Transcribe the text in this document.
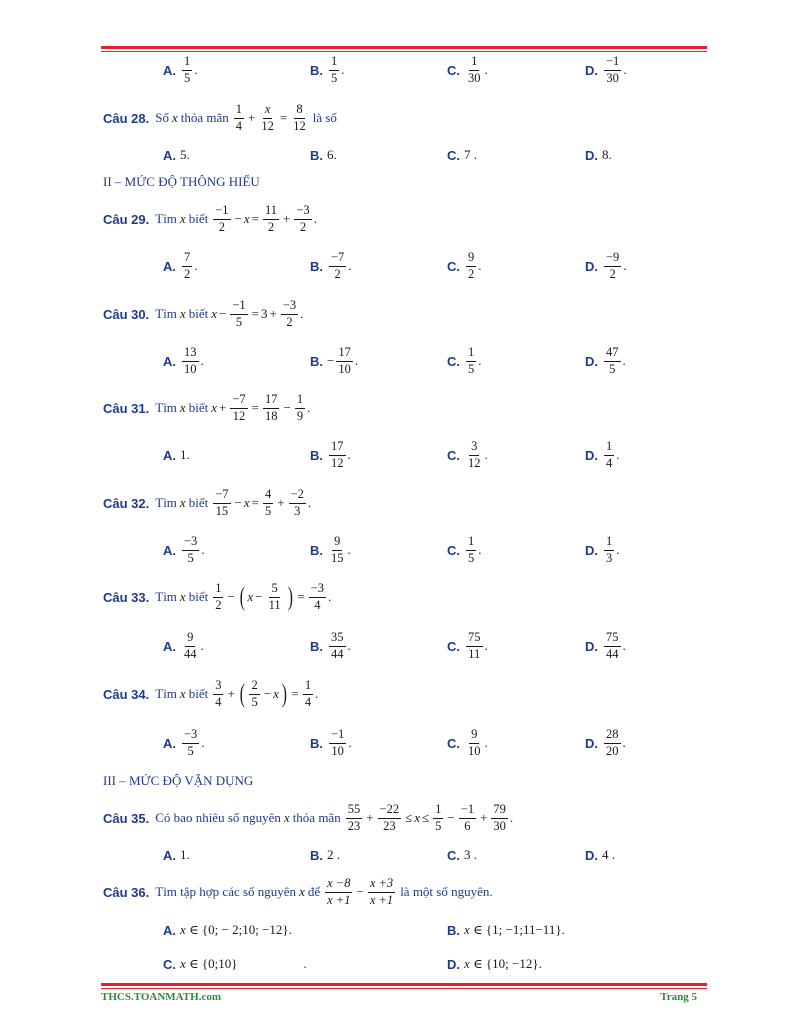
A. $\frac{1}{5}$ .	B. $\frac{1}{5}$ .	C. $\frac{1}{30}$ .	D. $\frac{-1}{30}$ .
Câu 28. Số x thỏa mãn $\frac{1}{4} + \frac{x}{12} = \frac{8}{12}$ là số
A. 5 .	B. 6 .	C. 7 .	D. 8 .
II – MỨC ĐỘ THÔNG HIỂU
Câu 29. Tìm x biết $\frac{-1}{2} - x = \frac{11}{2} + \frac{-3}{2}$ .
A. $\frac{7}{2}$ .	B. $\frac{-7}{2}$ .	C. $\frac{9}{2}$ .	D. $\frac{-9}{2}$ .
Câu 30. Tìm x biết $x - \frac{-1}{5} = 3 + \frac{-3}{2}$ .
A. $\frac{13}{10}$ .	B. − $\frac{17}{10}$ .	C. $\frac{1}{5}$ .	D. $\frac{47}{5}$ .
Câu 31. Tìm x biết $x + \frac{-7}{12} = \frac{17}{18} - \frac{1}{9}$ .
A. 1 .	B. $\frac{17}{12}$ .	C. $\frac{3}{12}$ .	D. $\frac{1}{4}$ .
Câu 32. Tìm x biết $\frac{-7}{15} - x = \frac{4}{5} + \frac{-2}{3}$ .
A. $\frac{-3}{5}$ .	B. $\frac{9}{15}$ .	C. $\frac{1}{5}$ .	D. $\frac{1}{3}$ .
Câu 33. Tìm x biết $\frac{1}{2}$ − ( $x - \frac{5}{11}$ ) = $\frac{-3}{4}$ .
A. $\frac{9}{44}$ .	B. $\frac{35}{44}$ .	C. $\frac{75}{11}$ .	D. $\frac{75}{44}$ .
Câu 34. Tìm x biết $\frac{3}{4}$ + ( $\frac{2}{5} - x$ ) = $\frac{1}{4}$ .
A. $\frac{-3}{5}$ .	B. $\frac{-1}{10}$ .	C. $\frac{9}{10}$ .	D. $\frac{28}{20}$ .
III – MỨC ĐỘ VẬN DỤNG
Câu 35. Có bao nhiêu số nguyên x thỏa mãn $\frac{55}{23} + \frac{-22}{23} \le x \le \frac{1}{5} - \frac{-1}{6} + \frac{79}{30}$ .
A. 1 .	B. 2 .	C. 3 .	D. 4 .
Câu 36. Tìm tập hợp các số nguyên x để $\frac{x -8}{x +1} - \frac{x +3}{x +1}$ là một số nguyên.
A. x ∈ {0; − 2;10; −12} .	B. x ∈ {1; −1;11−11} .
C. x ∈ {0;10}	.	D. x ∈ {10; −12} .
THCS.TOANMATH.com	Trang 5
